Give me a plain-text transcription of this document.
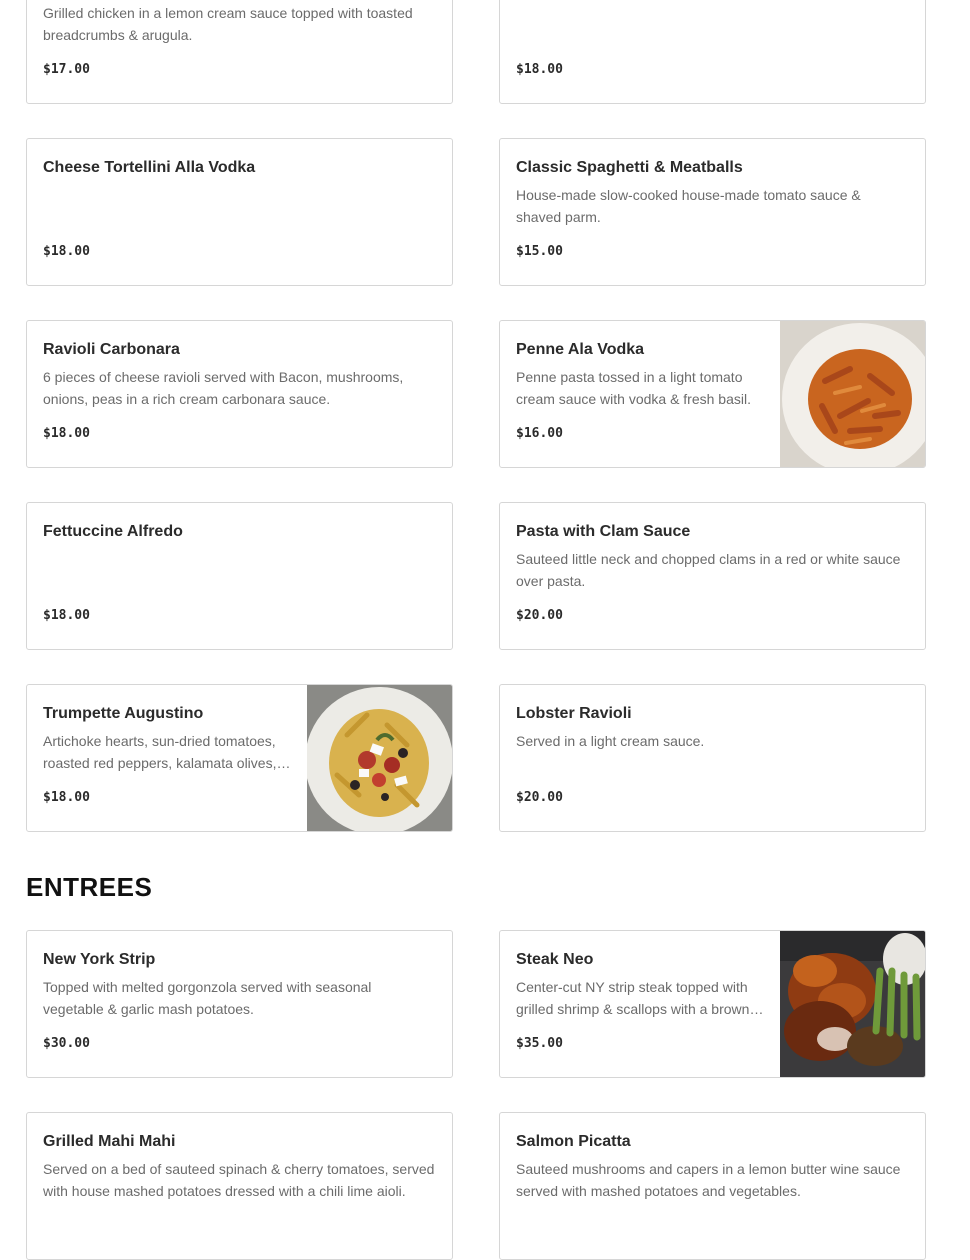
Grilled chicken in a lemon cream sauce topped with toasted breadcrumbs & arugula.
$17.00	$18.00
Cheese Tortellini Alla Vodka
$18.00
Classic Spaghetti & Meatballs
House-made slow-cooked house-made tomato sauce & shaved parm.
$15.00
Ravioli Carbonara
6 pieces of cheese ravioli served with Bacon, mushrooms, onions, peas in a rich cream carbonara sauce.
$18.00
Penne Ala Vodka
Penne pasta tossed in a light tomato cream sauce with vodka & fresh basil.
$16.00
Fettuccine Alfredo
$18.00
Pasta with Clam Sauce
Sauteed little neck and chopped clams in a red or white sauce over pasta.
$20.00
Trumpette Augustino
Artichoke hearts, sun-dried tomatoes, roasted red peppers, kalamata olives,
$18.00
Lobster Ravioli
Served in a light cream sauce.
$20.00
ENTREES
New York Strip
Topped with melted gorgonzola served with seasonal vegetable & garlic mash potatoes.
$30.00
Steak Neo
Center-cut NY strip steak topped with grilled shrimp & scallops with a brown
$35.00
Grilled Mahi Mahi
Served on a bed of sauteed spinach & cherry tomatoes, served with house mashed potatoes dressed with a chili lime aioli.
Salmon Picatta
Sauteed mushrooms and capers in a lemon butter wine sauce served with mashed potatoes and vegetables.
